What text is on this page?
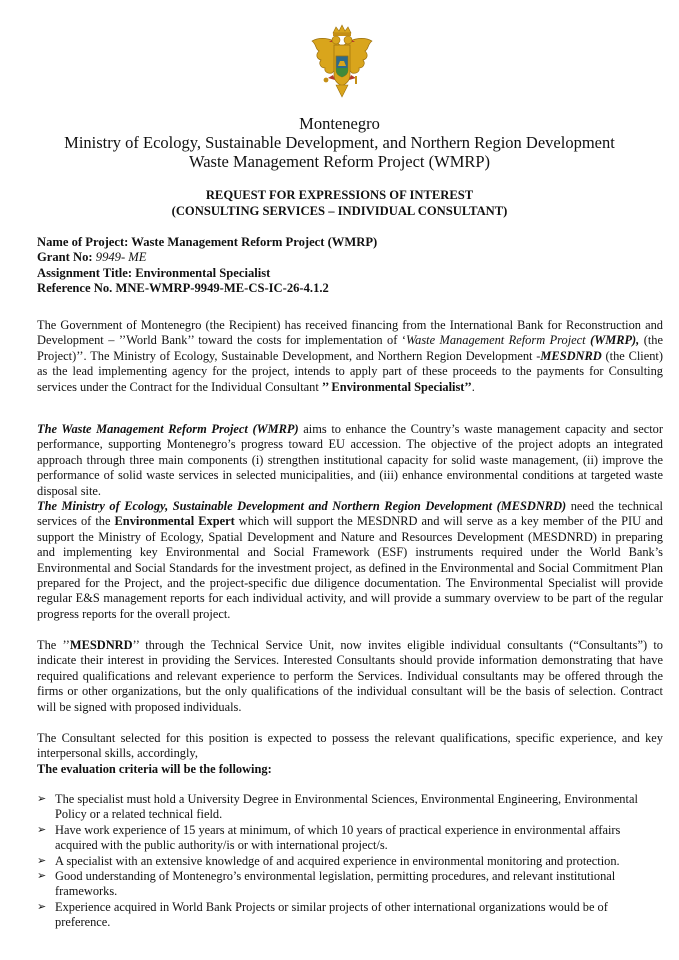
Montenegro
Ministry of Ecology, Sustainable Development, and Northern Region Development
Waste Management Reform Project (WMRP)
REQUEST FOR EXPRESSIONS OF INTEREST
(CONSULTING SERVICES – INDIVIDUAL CONSULTANT)
Name of Project: Waste Management Reform Project (WMRP)
Grant No: 9949- ME
Assignment Title: Environmental Specialist
Reference No. MNE-WMRP-9949-ME-CS-IC-26-4.1.2
The Government of Montenegro (the Recipient) has received financing from the International Bank for Reconstruction and Development – ’’World Bank’’ toward the costs for implementation of ‘Waste Management Reform Project (WMRP), (the Project)’’. The Ministry of Ecology, Sustainable Development, and Northern Region Development -MESDNRD (the Client) as the lead implementing agency for the project, intends to apply part of these proceeds to the payments for Consulting services under the Contract for the Individual Consultant ’’ Environmental Specialist’’.
The Waste Management Reform Project (WMRP) aims to enhance the Country’s waste management capacity and sector performance, supporting Montenegro’s progress toward EU accession. The objective of the project adopts an integrated approach through three main components (i) strengthen institutional capacity for solid waste management, (ii) improve the performance of solid waste services in selected municipalities, and (iii) enhance environmental conditions at targeted waste disposal site.
The Ministry of Ecology, Sustainable Development and Northern Region Development (MESDNRD) need the technical services of the Environmental Expert which will support the MESDNRD and will serve as a key member of the PIU and support the Ministry of Ecology, Spatial Development and Nature and Resources Development (MESDNRD) in preparing and implementing key Environmental and Social Framework (ESF) instruments required under the World Bank’s Environmental and Social Standards for the investment project, as defined in the Environmental and Social Commitment Plan prepared for the Project, and the project-specific due diligence documentation. The Environmental Specialist will provide regular E&S management reports for each individual activity, and will provide a summary overview to be part of the regular progress reports for the overall project.
The ’’MESDNRD’’ through the Technical Service Unit, now invites eligible individual consultants (“Consultants”) to indicate their interest in providing the Services. Interested Consultants should provide information demonstrating that have required qualifications and relevant experience to perform the Services. Individual consultants may be offered through the firms or other organizations, but the only qualifications of the individual consultant will be the basis of selection. Contract will be signed with proposed individuals.
The Consultant selected for this position is expected to possess the relevant qualifications, specific experience, and key interpersonal skills, accordingly,
The evaluation criteria will be the following:
➢ The specialist must hold a University Degree in Environmental Sciences, Environmental Engineering, Environmental Policy or a related technical field.
➢ Have work experience of 15 years at minimum, of which 10 years of practical experience in environmental affairs acquired with the public authority/is or with international project/s.
➢ A specialist with an extensive knowledge of and acquired experience in environmental monitoring and protection.
➢ Good understanding of Montenegro’s environmental legislation, permitting procedures, and relevant institutional frameworks.
➢ Experience acquired in World Bank Projects or similar projects of other international organizations would be of preference.
